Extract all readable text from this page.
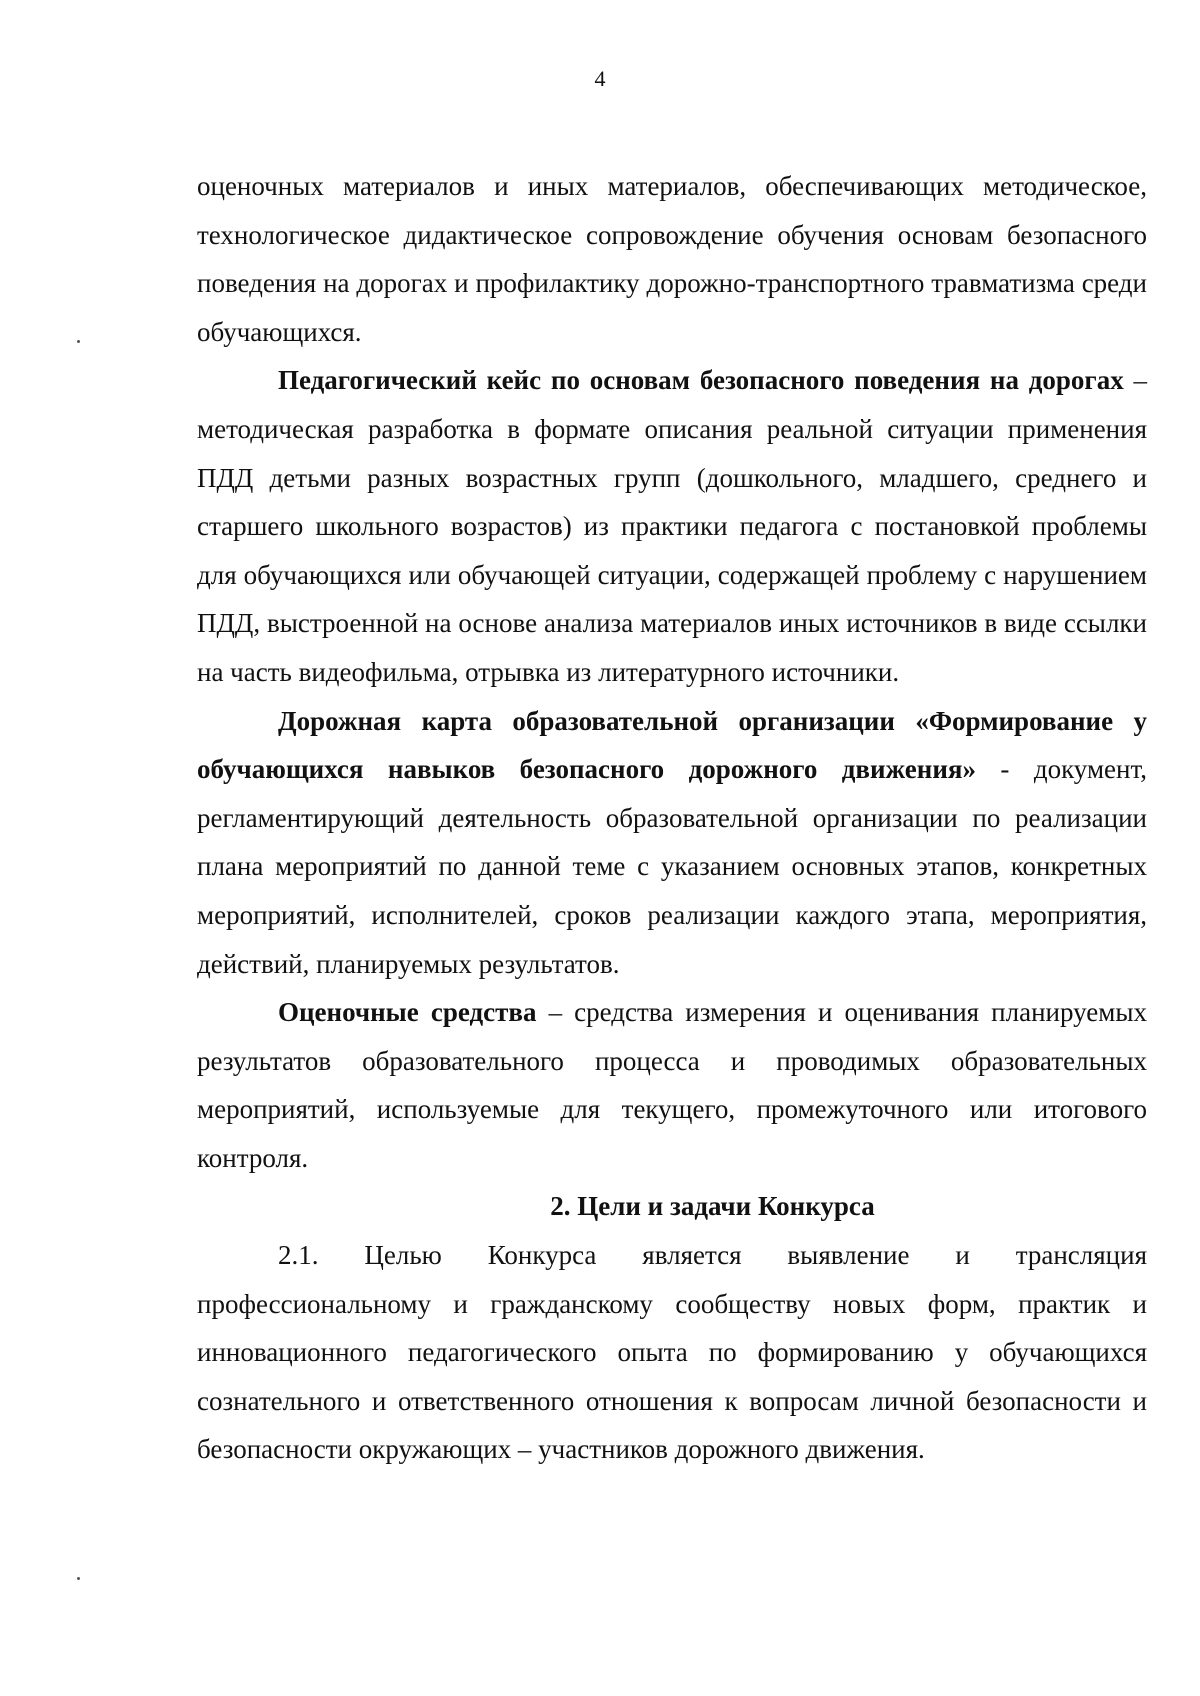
4

оценочных материалов и иных материалов, обеспечивающих методическое, технологическое дидактическое сопровождение обучения основам безопасного поведения на дорогах и профилактику дорожно-транспортного травматизма среди обучающихся.

Педагогический кейс по основам безопасного поведения на дорогах – методическая разработка в формате описания реальной ситуации применения ПДД детьми разных возрастных групп (дошкольного, младшего, среднего и старшего школьного возрастов) из практики педагога с постановкой проблемы для обучающихся или обучающей ситуации, содержащей проблему с нарушением ПДД, выстроенной на основе анализа материалов иных источников в виде ссылки на часть видеофильма, отрывка из литературного источники.

Дорожная карта образовательной организации «Формирование у обучающихся навыков безопасного дорожного движения» - документ, регламентирующий деятельность образовательной организации по реализации плана мероприятий по данной теме с указанием основных этапов, конкретных мероприятий, исполнителей, сроков реализации каждого этапа, мероприятия, действий, планируемых результатов.

Оценочные средства – средства измерения и оценивания планируемых результатов образовательного процесса и проводимых образовательных мероприятий, используемые для текущего, промежуточного или итогового контроля.

2. Цели и задачи Конкурса

2.1. Целью Конкурса является выявление и трансляция профессиональному и гражданскому сообществу новых форм, практик и инновационного педагогического опыта по формированию у обучающихся сознательного и ответственного отношения к вопросам личной безопасности и безопасности окружающих – участников дорожного движения.
